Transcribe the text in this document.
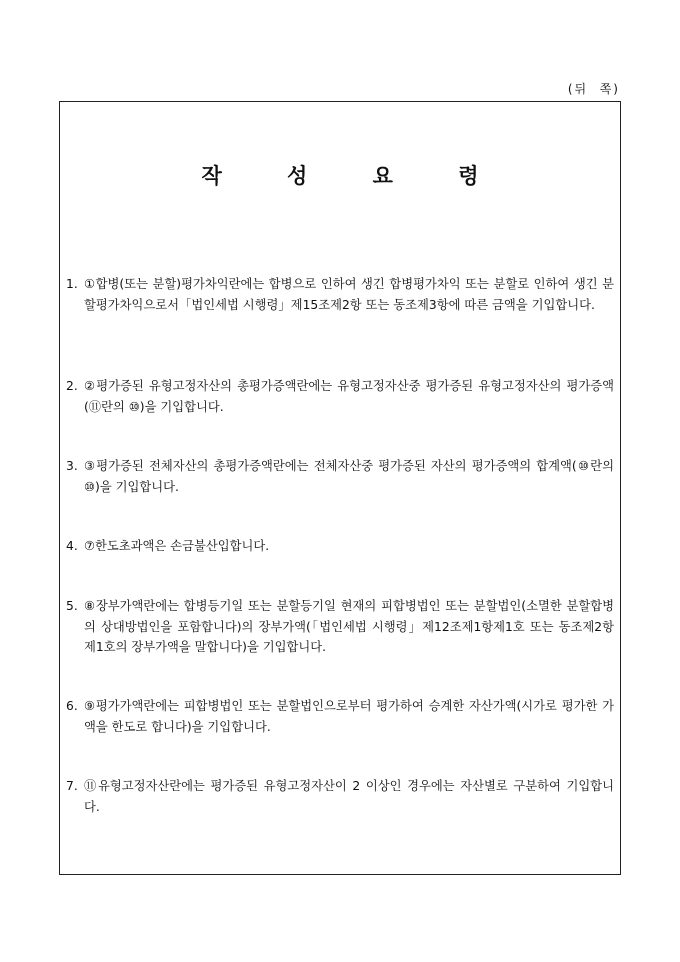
(뒤  쪽)
작	성	요	령
1. ①합병(또는 분할)평가차익란에는 합병으로 인하여 생긴 합병평가차익 또는 분할로 인하여 생긴 분할평가차익으로서「법인세법 시행령」제15조제2항 또는 동조제3항에 따른 금액을 기입합니다.
2. ②평가증된 유형고정자산의 총평가증액란에는 유형고정자산중 평가증된 유형고정자산의 평가증액(⑪란의 ⑩)을 기입합니다.
3. ③평가증된 전체자산의 총평가증액란에는 전체자산중 평가증된 자산의 평가증액의 합계액(⑩란의 ⑩)을 기입합니다.
4. ⑦한도초과액은 손금불산입합니다.
5. ⑧장부가액란에는 합병등기일 또는 분할등기일 현재의 피합병법인 또는 분할법인(소멸한 분할합병의 상대방법인을 포함합니다)의 장부가액(「법인세법 시행령」제12조제1항제1호 또는 동조제2항제1호의 장부가액을 말합니다)을 기입합니다.
6. ⑨평가가액란에는 피합병법인 또는 분할법인으로부터 평가하여 승계한 자산가액(시가로 평가한 가액을 한도로 합니다)을 기입합니다.
7. ⑪유형고정자산란에는 평가증된 유형고정자산이 2 이상인 경우에는 자산별로 구분하여 기입합니다.
